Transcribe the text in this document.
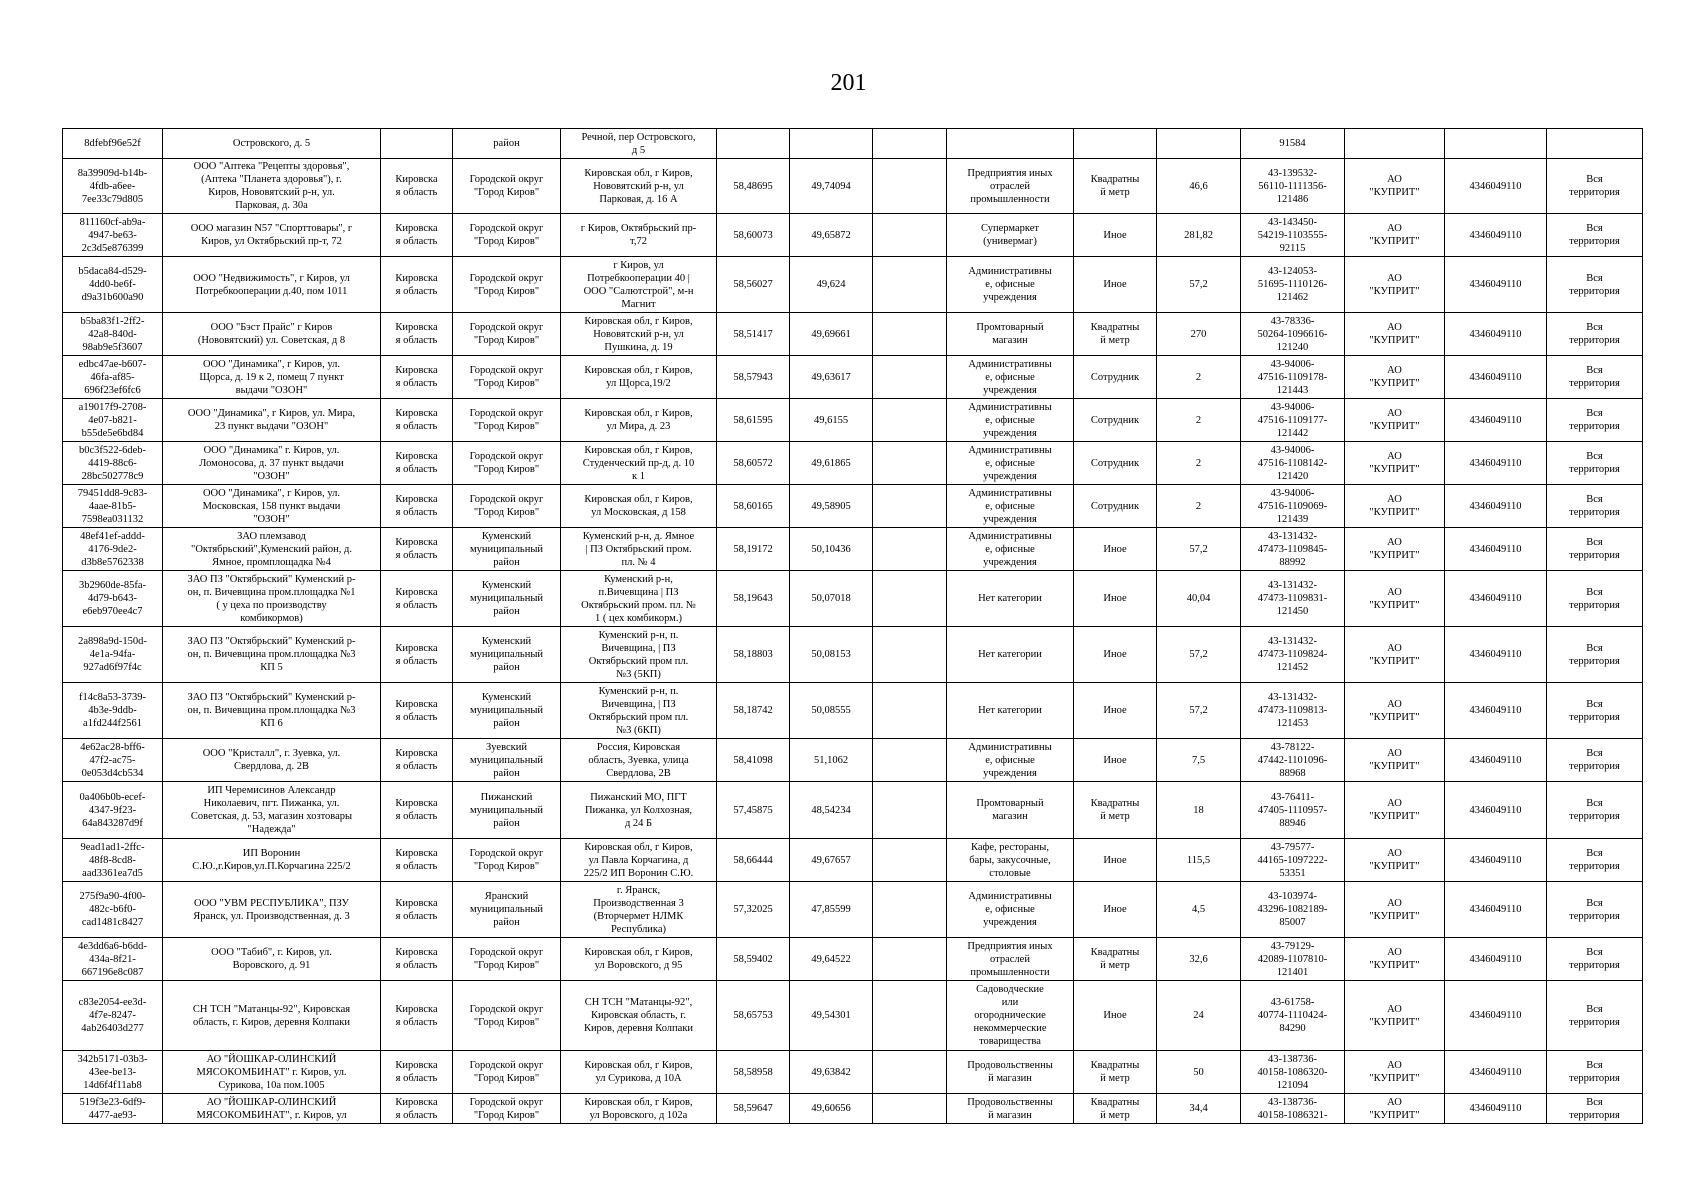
201
8dfebf96e52f	Островского, д. 5		район	Речной, пер Островского,
д 5							91584			

8a39909d-b14b-
4fdb-a6ee-
7ee33c79d805	ООО "Аптека "Рецепты здоровья",
(Аптека "Планета здоровья"), г.
Киров, Нововятский р-н, ул.
Парковая, д. 30а	Кировска
я область	Городской округ
"Город Киров"	Кировская обл, г Киров,
Нововятский р-н, ул
Парковая, д. 16 А	58,48695	49,74094		Предприятия иных
отраслей
промышленности	Квадратны
й метр	46,6	43-139532-
56110-1111356-
121486	АО
"КУПРИТ"	4346049110	Вся
территория

811160cf-ab9a-
4947-be63-
2c3d5e876399	ООО магазин N57 "Спорттовары", г
Киров, ул Октябрьский пр-т, 72	Кировска
я область	Городской округ
"Город Киров"	г Киров, Октябрьский пр-
т,72	58,60073	49,65872		Супермаркет
(универмаг)	Иное	281,82	43-143450-
54219-1103555-
92115	АО
"КУПРИТ"	4346049110	Вся
территория

b5daca84-d529-
4dd0-be6f-
d9a31b600a90	ООО "Недвижимость", г Киров, ул
Потребкооперации д.40, пом 1011	Кировска
я область	Городской округ
"Город Киров"	г Киров, ул
Потребкооперации 40 |
ООО "Салютстрой", м-н
Магнит	58,56027	49,624		Административны
е, офисные
учреждения	Иное	57,2	43-124053-
51695-1110126-
121462	АО
"КУПРИТ"	4346049110	Вся
территория

b5ba83f1-2ff2-
42a8-840d-
98ab9e5f3607	ООО "Бэст Прайс" г Киров
(Нововятский) ул. Советская, д 8	Кировска
я область	Городской округ
"Город Киров"	Кировская обл, г Киров,
Нововятский р-н, ул
Пушкина, д. 19	58,51417	49,69661		Промтоварный
магазин	Квадратны
й метр	270	43-78336-
50264-1096616-
121240	АО
"КУПРИТ"	4346049110	Вся
территория

edbc47ae-b607-
46fa-af85-
696f23ef6fc6	ООО "Динамика", г Киров, ул.
Щорса, д. 19 к 2, помещ 7 пункт
выдачи "ОЗОН"	Кировска
я область	Городской округ
"Город Киров"	Кировская обл, г Киров,
ул Щорса,19/2	58,57943	49,63617		Административны
е, офисные
учреждения	Сотрудник	2	43-94006-
47516-1109178-
121443	АО
"КУПРИТ"	4346049110	Вся
территория

a19017f9-2708-
4e07-b821-
b55de5e6bd84	ООО "Динамика", г Киров, ул. Мира,
23 пункт выдачи "ОЗОН"	Кировска
я область	Городской округ
"Город Киров"	Кировская обл, г Киров,
ул Мира, д. 23	58,61595	49,6155		Административны
е, офисные
учреждения	Сотрудник	2	43-94006-
47516-1109177-
121442	АО
"КУПРИТ"	4346049110	Вся
территория

b0c3f522-6deb-
4419-88c6-
28bc502778c9	ООО "Динамика" г. Киров, ул.
Ломоносова, д. 37 пункт выдачи
"ОЗОН"	Кировска
я область	Городской округ
"Город Киров"	Кировская обл, г Киров,
Студенческий пр-д, д. 10
к 1	58,60572	49,61865		Административны
е, офисные
учреждения	Сотрудник	2	43-94006-
47516-1108142-
121420	АО
"КУПРИТ"	4346049110	Вся
территория

79451dd8-9c83-
4aae-81b5-
7598ea031132	ООО "Динамика", г Киров, ул.
Московская, 158 пункт выдачи
"ОЗОН"	Кировска
я область	Городской округ
"Город Киров"	Кировская обл, г Киров,
ул Московская, д 158	58,60165	49,58905		Административны
е, офисные
учреждения	Сотрудник	2	43-94006-
47516-1109069-
121439	АО
"КУПРИТ"	4346049110	Вся
территория

48ef41ef-addd-
4176-9de2-
d3b8e5762338	ЗАО племзавод
"Октябрьский",Куменский район, д.
Ямное, промплощадка №4	Кировска
я область	Куменский
муниципальный
район	Куменский р-н, д. Ямное
| ПЗ Октябрьский пром.
пл. № 4	58,19172	50,10436		Административны
е, офисные
учреждения	Иное	57,2	43-131432-
47473-1109845-
88992	АО
"КУПРИТ"	4346049110	Вся
территория

3b2960de-85fa-
4d79-b643-
e6eb970ee4c7	ЗАО ПЗ "Октябрьский" Куменский р-
он, п. Вичевщина пром.площадка №1
( у цеха по производству
комбикормов)	Кировска
я область	Куменский
муниципальный
район	Куменский р-н,
п.Вичевщина | ПЗ
Октябрьский пром. пл. №
1 ( цех комбикорм.)	58,19643	50,07018		Нет категории	Иное	40,04	43-131432-
47473-1109831-
121450	АО
"КУПРИТ"	4346049110	Вся
территория

2a898a9d-150d-
4e1a-94fa-
927ad6f97f4c	ЗАО ПЗ "Октябрьский" Куменский р-
он, п. Вичевщина пром.площадка №3
КП 5	Кировска
я область	Куменский
муниципальный
район	Куменский р-н, п.
Вичевщина, | ПЗ
Октябрьский пром пл.
№3 (5КП)	58,18803	50,08153		Нет категории	Иное	57,2	43-131432-
47473-1109824-
121452	АО
"КУПРИТ"	4346049110	Вся
территория

f14c8a53-3739-
4b3e-9ddb-
a1fd244f2561	ЗАО ПЗ "Октябрьский" Куменский р-
он, п. Вичевщина пром.площадка №3
КП 6	Кировска
я область	Куменский
муниципальный
район	Куменский р-н, п.
Вичевщина, | ПЗ
Октябрьский пром пл.
№3 (6КП)	58,18742	50,08555		Нет категории	Иное	57,2	43-131432-
47473-1109813-
121453	АО
"КУПРИТ"	4346049110	Вся
территория

4e62ac28-bff6-
47f2-ac75-
0e053d4cb534	ООО "Кристалл", г. Зуевка, ул.
Свердлова, д. 2В	Кировска
я область	Зуевский
муниципальный
район	Россия, Кировская
область, Зуевка, улица
Свердлова, 2В	58,41098	51,1062		Административны
е, офисные
учреждения	Иное	7,5	43-78122-
47442-1101096-
88968	АО
"КУПРИТ"	4346049110	Вся
территория

0a406b0b-ecef-
4347-9f23-
64a843287d9f	ИП Черемисинов Александр
Николаевич, пгт. Пижанка, ул.
Советская, д. 53, магазин хозтовары
"Надежда"	Кировска
я область	Пижанский
муниципальный
район	Пижанский МО, ПГТ
Пижанка, ул Колхозная,
д 24 Б	57,45875	48,54234		Промтоварный
магазин	Квадратны
й метр	18	43-76411-
47405-1110957-
88946	АО
"КУПРИТ"	4346049110	Вся
территория

9ead1ad1-2ffc-
48f8-8cd8-
aad3361ea7d5	ИП Воронин
С.Ю.,г.Киров,ул.П.Корчагина 225/2	Кировска
я область	Городской округ
"Город Киров"	Кировская обл, г Киров,
ул Павла Корчагина, д
225/2 ИП Воронин С.Ю.	58,66444	49,67657		Кафе, рестораны,
бары, закусочные,
столовые	Иное	115,5	43-79577-
44165-1097222-
53351	АО
"КУПРИТ"	4346049110	Вся
территория

275f9a90-4f00-
482c-b6f0-
cad1481c8427	ООО "УВМ РЕСПУБЛИКА", ПЗУ
Яранск, ул. Производственная, д. 3	Кировска
я область	Яранский
муниципальный
район	г. Яранск,
Производственная 3
(Вторчермет НЛМК
Республика)	57,32025	47,85599		Административны
е, офисные
учреждения	Иное	4,5	43-103974-
43296-1082189-
85007	АО
"КУПРИТ"	4346049110	Вся
территория

4e3dd6a6-b6dd-
434a-8f21-
667196e8c087	ООО "Табиб", г. Киров, ул.
Воровского, д. 91	Кировска
я область	Городской округ
"Город Киров"	Кировская обл, г Киров,
ул Воровского, д 95	58,59402	49,64522		Предприятия иных
отраслей
промышленности	Квадратны
й метр	32,6	43-79129-
42089-1107810-
121401	АО
"КУПРИТ"	4346049110	Вся
территория

c83e2054-ee3d-
4f7e-8247-
4ab26403d277	СН ТСН "Матанцы-92", Кировская
область, г. Киров, деревня Колпаки	Кировска
я область	Городской округ
"Город Киров"	СН ТСН "Матанцы-92",
Кировская область, г.
Киров, деревня Колпаки	58,65753	49,54301		Садоводческие
или
огороднические
некоммерческие
товарищества	Иное	24	43-61758-
40774-1110424-
84290	АО
"КУПРИТ"	4346049110	Вся
территория

342b5171-03b3-
43ee-be13-
14d6f4f11ab8	АО "ЙОШКАР-ОЛИНСКИЙ
МЯСОКОМБИНАТ" г. Киров, ул.
Сурикова, 10а пом.1005	Кировска
я область	Городской округ
"Город Киров"	Кировская обл, г Киров,
ул Сурикова, д 10А	58,58958	49,63842		Продовольственны
й магазин	Квадратны
й метр	50	43-138736-
40158-1086320-
121094	АО
"КУПРИТ"	4346049110	Вся
территория

519f3e23-6df9-
4477-ae93-	АО "ЙОШКАР-ОЛИНСКИЙ
МЯСОКОМБИНАТ", г. Киров, ул	Кировска
я область	Городской округ
"Город Киров"	Кировская обл, г Киров,
ул Воровского, д 102а	58,59647	49,60656		Продовольственны
й магазин	Квадратны
й метр	34,4	43-138736-
40158-1086321-	АО
"КУПРИТ"	4346049110	Вся
территория
